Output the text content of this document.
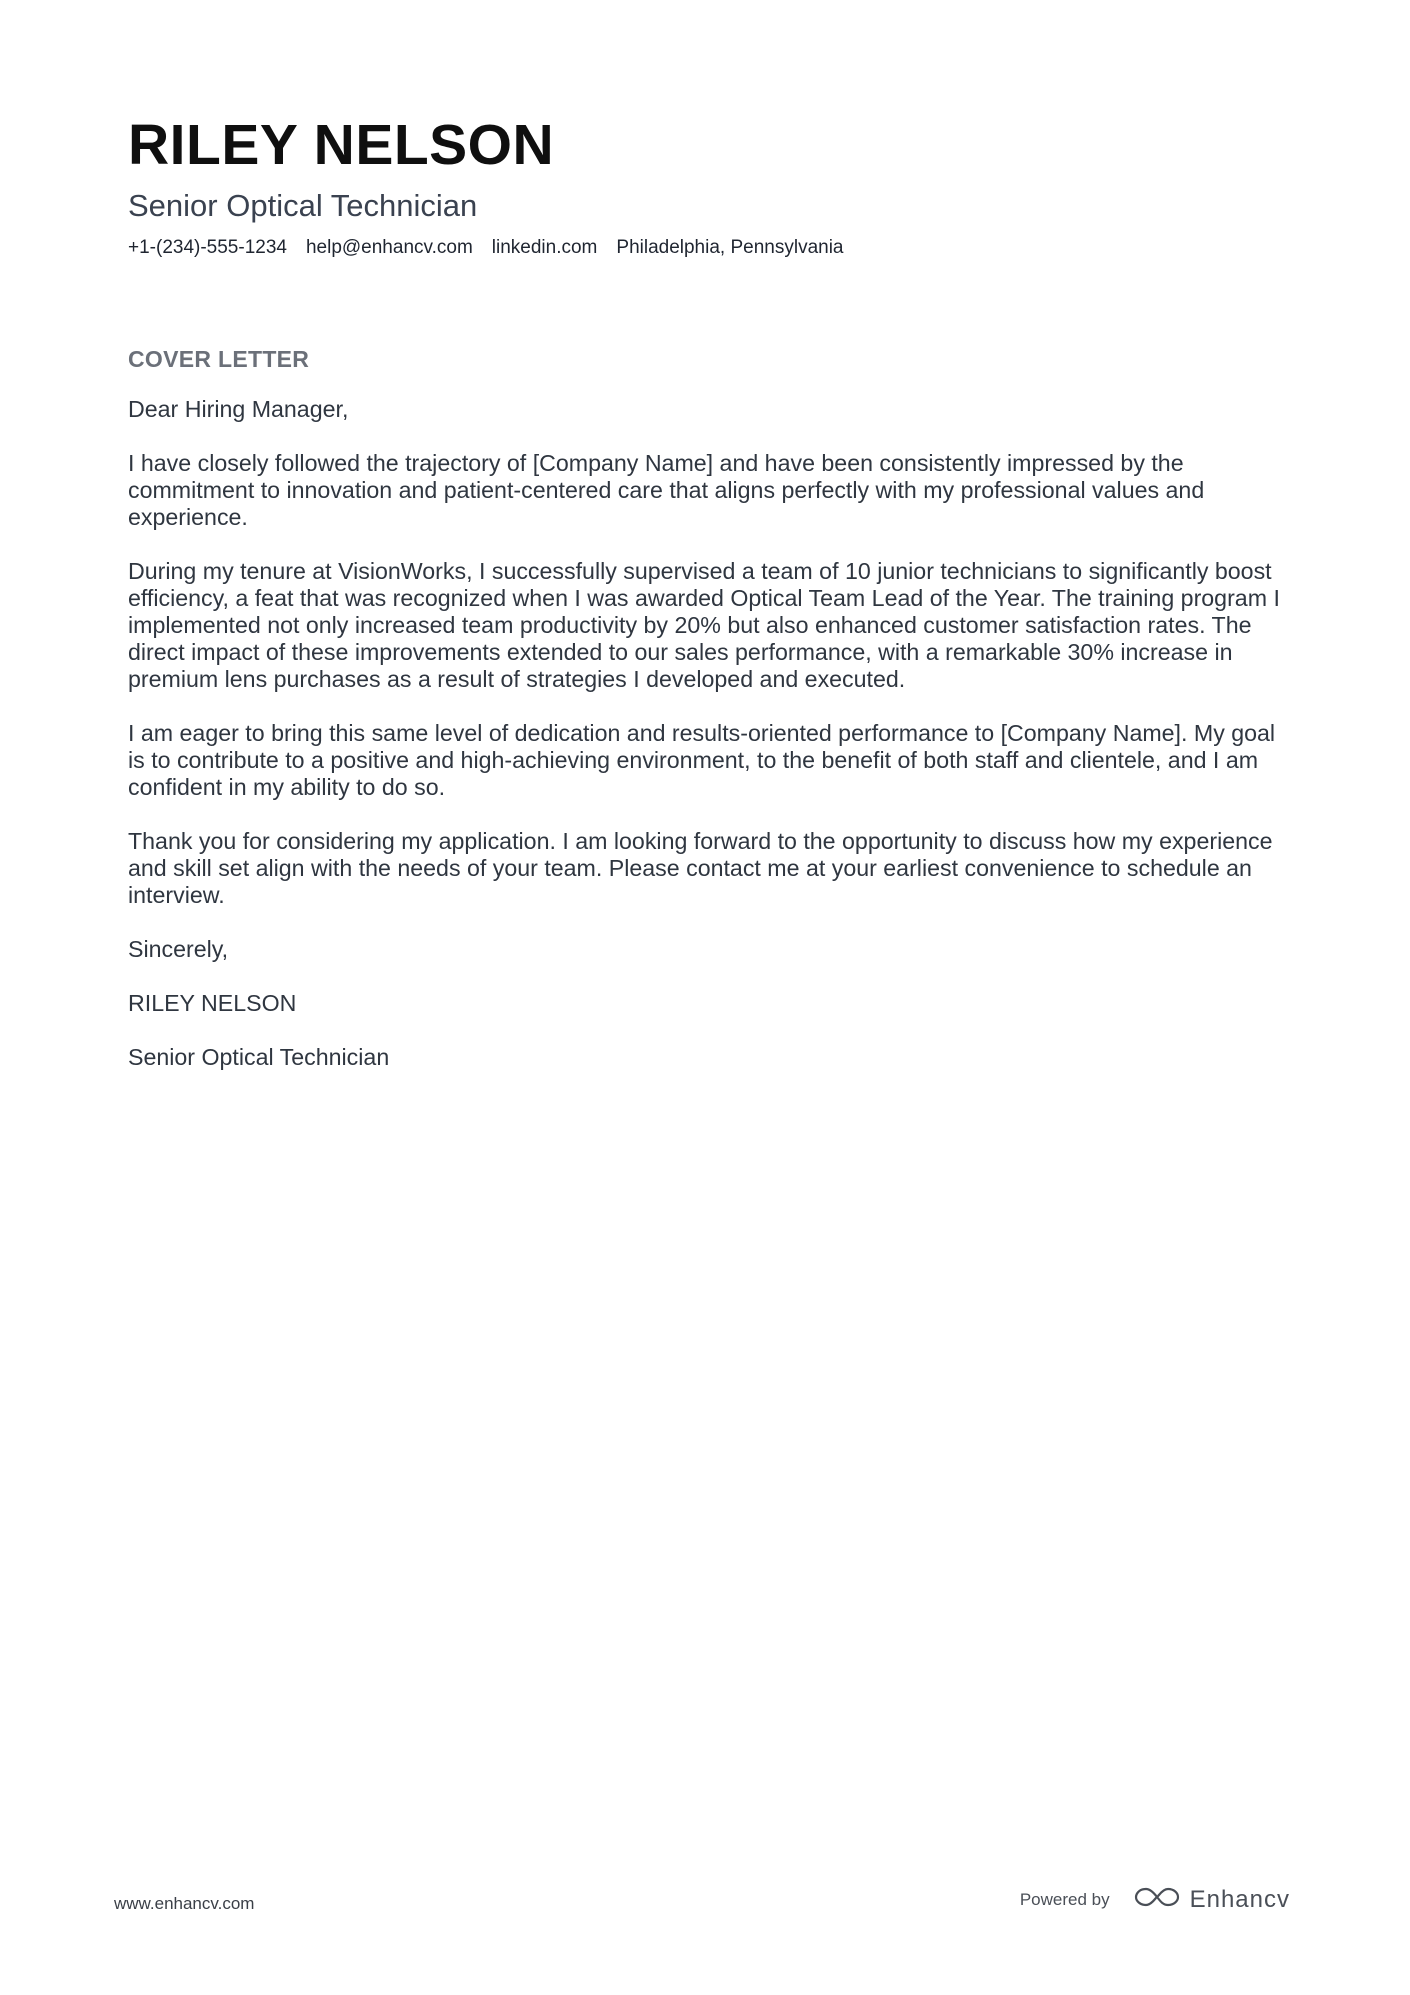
RILEY NELSON
Senior Optical Technician
+1-(234)-555-1234 help@enhancv.com linkedin.com Philadelphia, Pennsylvania
COVER LETTER

Dear Hiring Manager,

I have closely followed the trajectory of [Company Name] and have been consistently impressed by the commitment to innovation and patient-centered care that aligns perfectly with my professional values and experience.

During my tenure at VisionWorks, I successfully supervised a team of 10 junior technicians to significantly boost efficiency, a feat that was recognized when I was awarded Optical Team Lead of the Year. The training program I implemented not only increased team productivity by 20% but also enhanced customer satisfaction rates. The direct impact of these improvements extended to our sales performance, with a remarkable 30% increase in premium lens purchases as a result of strategies I developed and executed.

I am eager to bring this same level of dedication and results-oriented performance to [Company Name]. My goal is to contribute to a positive and high-achieving environment, to the benefit of both staff and clientele, and I am confident in my ability to do so.

Thank you for considering my application. I am looking forward to the opportunity to discuss how my experience and skill set align with the needs of your team. Please contact me at your earliest convenience to schedule an interview.

Sincerely,

RILEY NELSON

Senior Optical Technician

www.enhancv.com	Powered by	Enhancv
